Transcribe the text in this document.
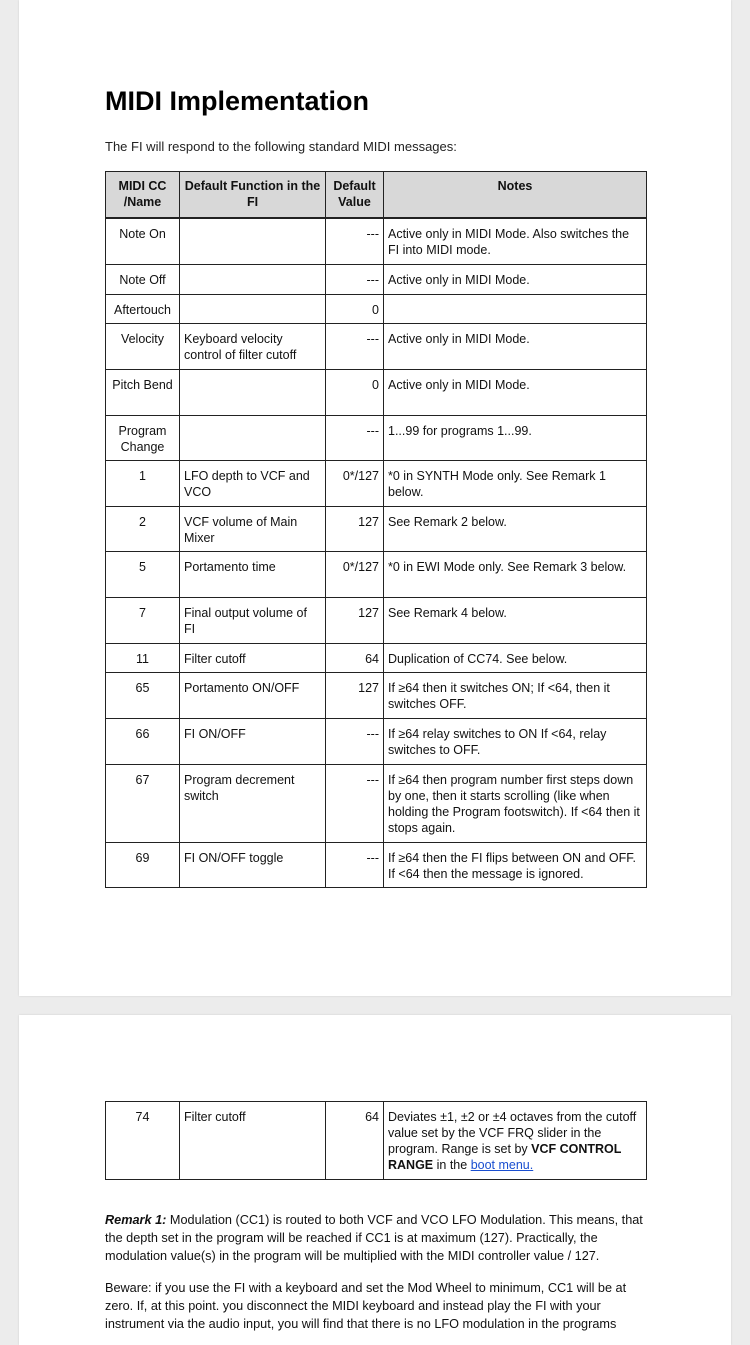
MIDI Implementation

The FI will respond to the following standard MIDI messages:

MIDI CC /Name	Default Function in the FI	Default Value	Notes
Note On		---	Active only in MIDI Mode. Also switches the FI into MIDI mode.
Note Off		---	Active only in MIDI Mode.
Aftertouch		0	
Velocity	Keyboard velocity control of filter cutoff	---	Active only in MIDI Mode.
Pitch Bend		0	Active only in MIDI Mode.
Program Change		---	1...99 for programs 1...99.
1	LFO depth to VCF and VCO	0*/127	*0 in SYNTH Mode only. See Remark 1 below.
2	VCF volume of Main Mixer	127	See Remark 2 below.
5	Portamento time	0*/127	*0 in EWI Mode only. See Remark 3 below.
7	Final output volume of FI	127	See Remark 4 below.
11	Filter cutoff	64	Duplication of CC74. See below.
65	Portamento ON/OFF	127	If ≥64 then it switches ON; If <64, then it switches OFF.
66	FI ON/OFF	---	If ≥64 relay switches to ON If <64, relay switches to OFF.
67	Program decrement switch	---	If ≥64 then program number first steps down by one, then it starts scrolling (like when holding the Program footswitch). If <64 then it stops again.
69	FI ON/OFF toggle	---	If ≥64 then the FI flips between ON and OFF. If <64 then the message is ignored.
74	Filter cutoff	64	Deviates ±1, ±2 or ±4 octaves from the cutoff value set by the VCF FRQ slider in the program. Range is set by VCF CONTROL RANGE in the boot menu.

Remark 1: Modulation (CC1) is routed to both VCF and VCO LFO Modulation. This means, that the depth set in the program will be reached if CC1 is at maximum (127). Practically, the modulation value(s) in the program will be multiplied with the MIDI controller value / 127.

Beware: if you use the FI with a keyboard and set the Mod Wheel to minimum, CC1 will be at zero. If, at this point. you disconnect the MIDI keyboard and instead play the FI with your instrument via the audio input, you will find that there is no LFO modulation in the programs
